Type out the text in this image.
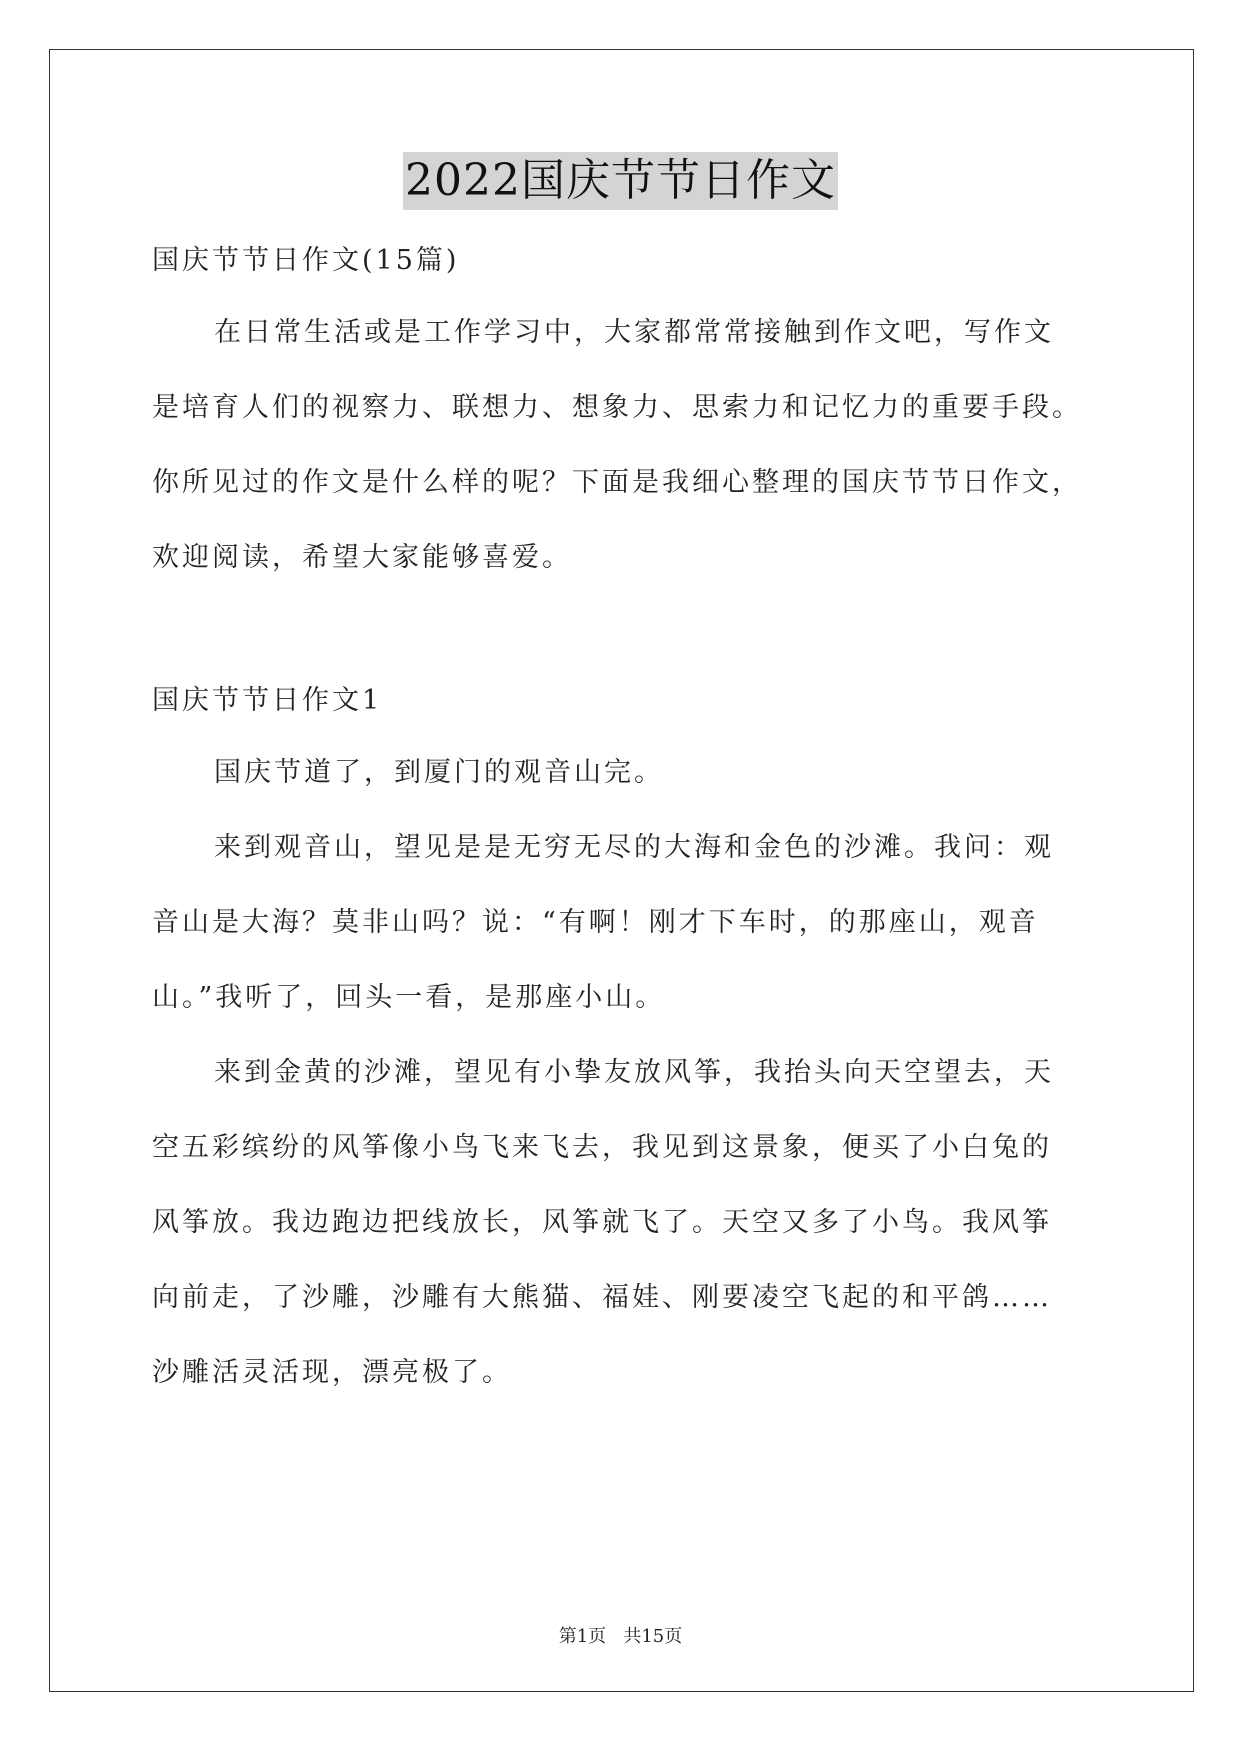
2022国庆节节日作文
国庆节节日作文(15篇)
在日常生活或是工作学习中，大家都常常接触到作文吧，写作文
是培育人们的视察力、联想力、想象力、思索力和记忆力的重要手段。
你所见过的作文是什么样的呢？下面是我细心整理的国庆节节日作文，
欢迎阅读，希望大家能够喜爱。
国庆节节日作文1
国庆节道了，到厦门的观音山完。
来到观音山，望见是是无穷无尽的大海和金色的沙滩。我问：观
音山是大海？莫非山吗？说：“有啊！刚才下车时，的那座山，观音
山。”我听了，回头一看，是那座小山。
来到金黄的沙滩，望见有小挚友放风筝，我抬头向天空望去，天
空五彩缤纷的风筝像小鸟飞来飞去，我见到这景象，便买了小白兔的
风筝放。我边跑边把线放长，风筝就飞了。天空又多了小鸟。我风筝
向前走，了沙雕，沙雕有大熊猫、福娃、刚要凌空飞起的和平鸽……
沙雕活灵活现，漂亮极了。
第1页   共15页
